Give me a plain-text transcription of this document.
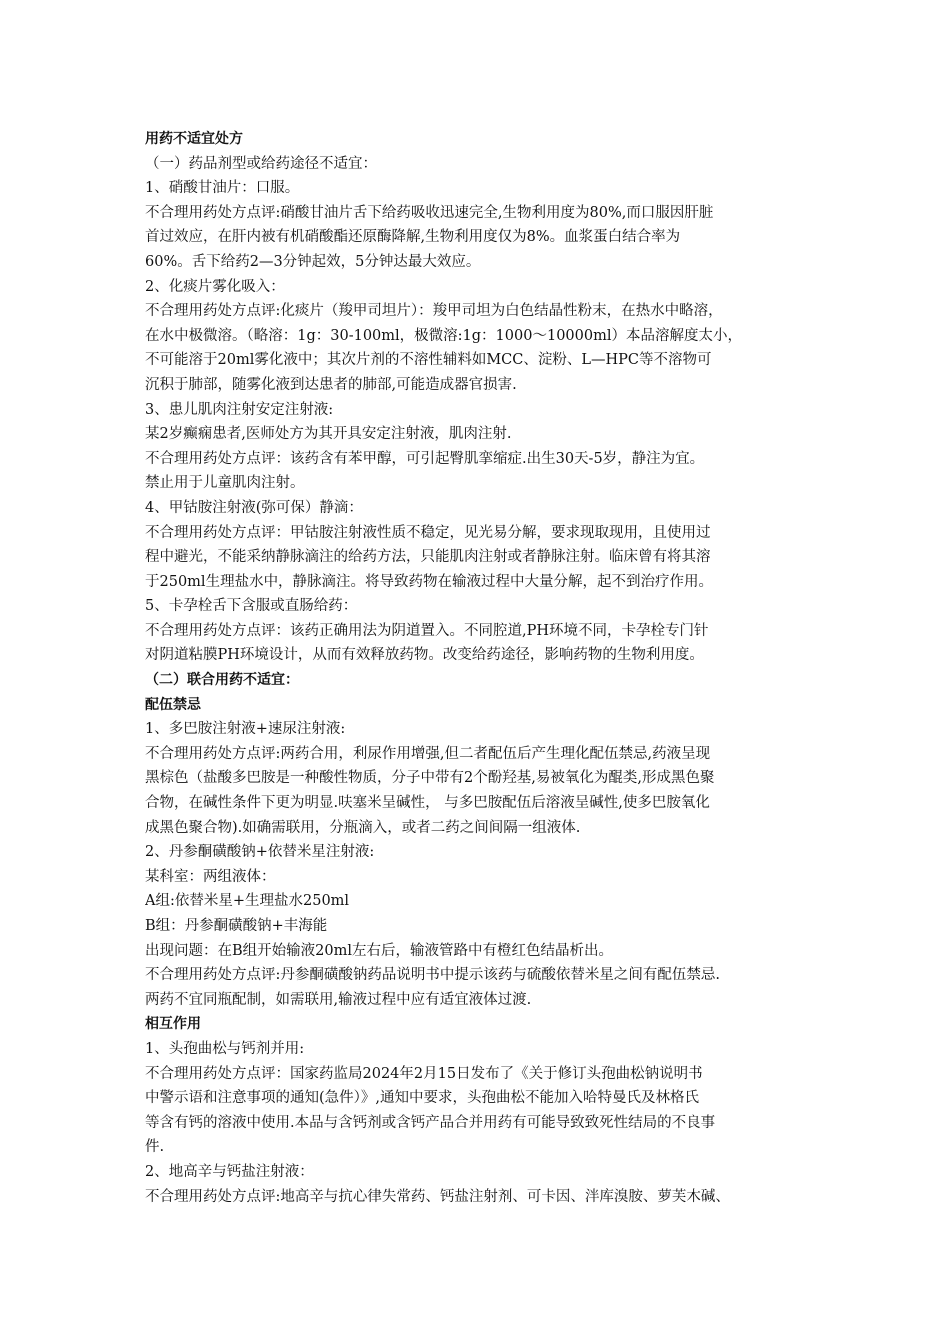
用药不适宜处方
（一）药品剂型或给药途径不适宜：
1、硝酸甘油片：口服。
不合理用药处方点评:硝酸甘油片舌下给药吸收迅速完全,生物利用度为80%,而口服因肝脏
首过效应，在肝内被有机硝酸酯还原酶降解,生物利用度仅为8%。血浆蛋白结合率为
60%。舌下给药2—3分钟起效，5分钟达最大效应。
2、化痰片雾化吸入：
不合理用药处方点评:化痰片（羧甲司坦片）：羧甲司坦为白色结晶性粉末，在热水中略溶，
在水中极微溶。（略溶：1g：30-100ml，极微溶:1g：1000～10000ml）本品溶解度太小，
不可能溶于20ml雾化液中；其次片剂的不溶性辅料如MCC、淀粉、L—HPC等不溶物可
沉积于肺部，随雾化液到达患者的肺部,可能造成器官损害.
3、患儿肌肉注射安定注射液:
某2岁癫痫患者,医师处方为其开具安定注射液，肌肉注射.
不合理用药处方点评：该药含有苯甲醇，可引起臀肌挛缩症.出生30天-5岁，静注为宜。
禁止用于儿童肌肉注射。
4、甲钴胺注射液(弥可保）静滴：
不合理用药处方点评：甲钴胺注射液性质不稳定，见光易分解，要求现取现用，且使用过
程中避光，不能采纳静脉滴注的给药方法，只能肌肉注射或者静脉注射。临床曾有将其溶
于250ml生理盐水中，静脉滴注。将导致药物在输液过程中大量分解，起不到治疗作用。
5、卡孕栓舌下含服或直肠给药：
不合理用药处方点评：该药正确用法为阴道置入。不同腔道,PH环境不同，卡孕栓专门针
对阴道粘膜PH环境设计，从而有效释放药物。改变给药途径，影响药物的生物利用度。
（二）联合用药不适宜：
配伍禁忌
1、多巴胺注射液+速尿注射液:
不合理用药处方点评:两药合用，利尿作用增强,但二者配伍后产生理化配伍禁忌,药液呈现
黑棕色（盐酸多巴胺是一种酸性物质，分子中带有2个酚羟基,易被氧化为醌类,形成黑色聚
合物，在碱性条件下更为明显.呋塞米呈碱性， 与多巴胺配伍后溶液呈碱性,使多巴胺氧化
成黑色聚合物).如确需联用，分瓶滴入，或者二药之间间隔一组液体.
2、丹参酮磺酸钠+依替米星注射液:
某科室：两组液体：
A组:依替米星+生理盐水250ml
B组：丹参酮磺酸钠+丰海能
出现问题：在B组开始输液20ml左右后，输液管路中有橙红色结晶析出。
不合理用药处方点评:丹参酮磺酸钠药品说明书中提示该药与硫酸依替米星之间有配伍禁忌.
两药不宜同瓶配制，如需联用,输液过程中应有适宜液体过渡.
相互作用
1、头孢曲松与钙剂并用:
不合理用药处方点评：国家药监局2024年2月15日发布了《关于修订头孢曲松钠说明书
中警示语和注意事项的通知(急件）》,通知中要求，头孢曲松不能加入哈特曼氏及林格氏
等含有钙的溶液中使用.本品与含钙剂或含钙产品合并用药有可能导致致死性结局的不良事
件.
2、地高辛与钙盐注射液：
不合理用药处方点评:地高辛与抗心律失常药、钙盐注射剂、可卡因、泮库溴胺、萝芙木碱、
